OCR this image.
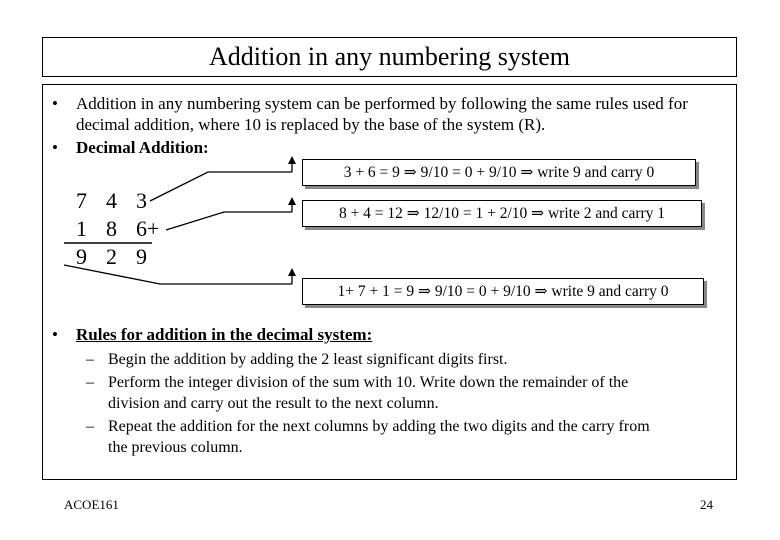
Addition in any numbering system
• Addition in any numbering system can be performed by following the same rules used for decimal addition, where 10 is replaced by the base of the system (R).
• Decimal Addition:
7 4 3
1 8 6+
9 2 9
3 + 6 = 9 ⇒ 9/10 = 0 + 9/10 ⇒ write 9 and carry 0
8 + 4 = 12 ⇒ 12/10 = 1 + 2/10 ⇒ write 2 and carry 1
1+ 7 + 1 = 9 ⇒ 9/10 = 0 + 9/10 ⇒ write 9 and carry 0
• Rules for addition in the decimal system:
– Begin the addition by adding the 2 least significant digits first.
– Perform the integer division of the sum with 10. Write down the remainder of the
division and carry out the result to the next column.
– Repeat the addition for the next columns by adding the two digits and the carry from
the previous column.
ACOE161	24
